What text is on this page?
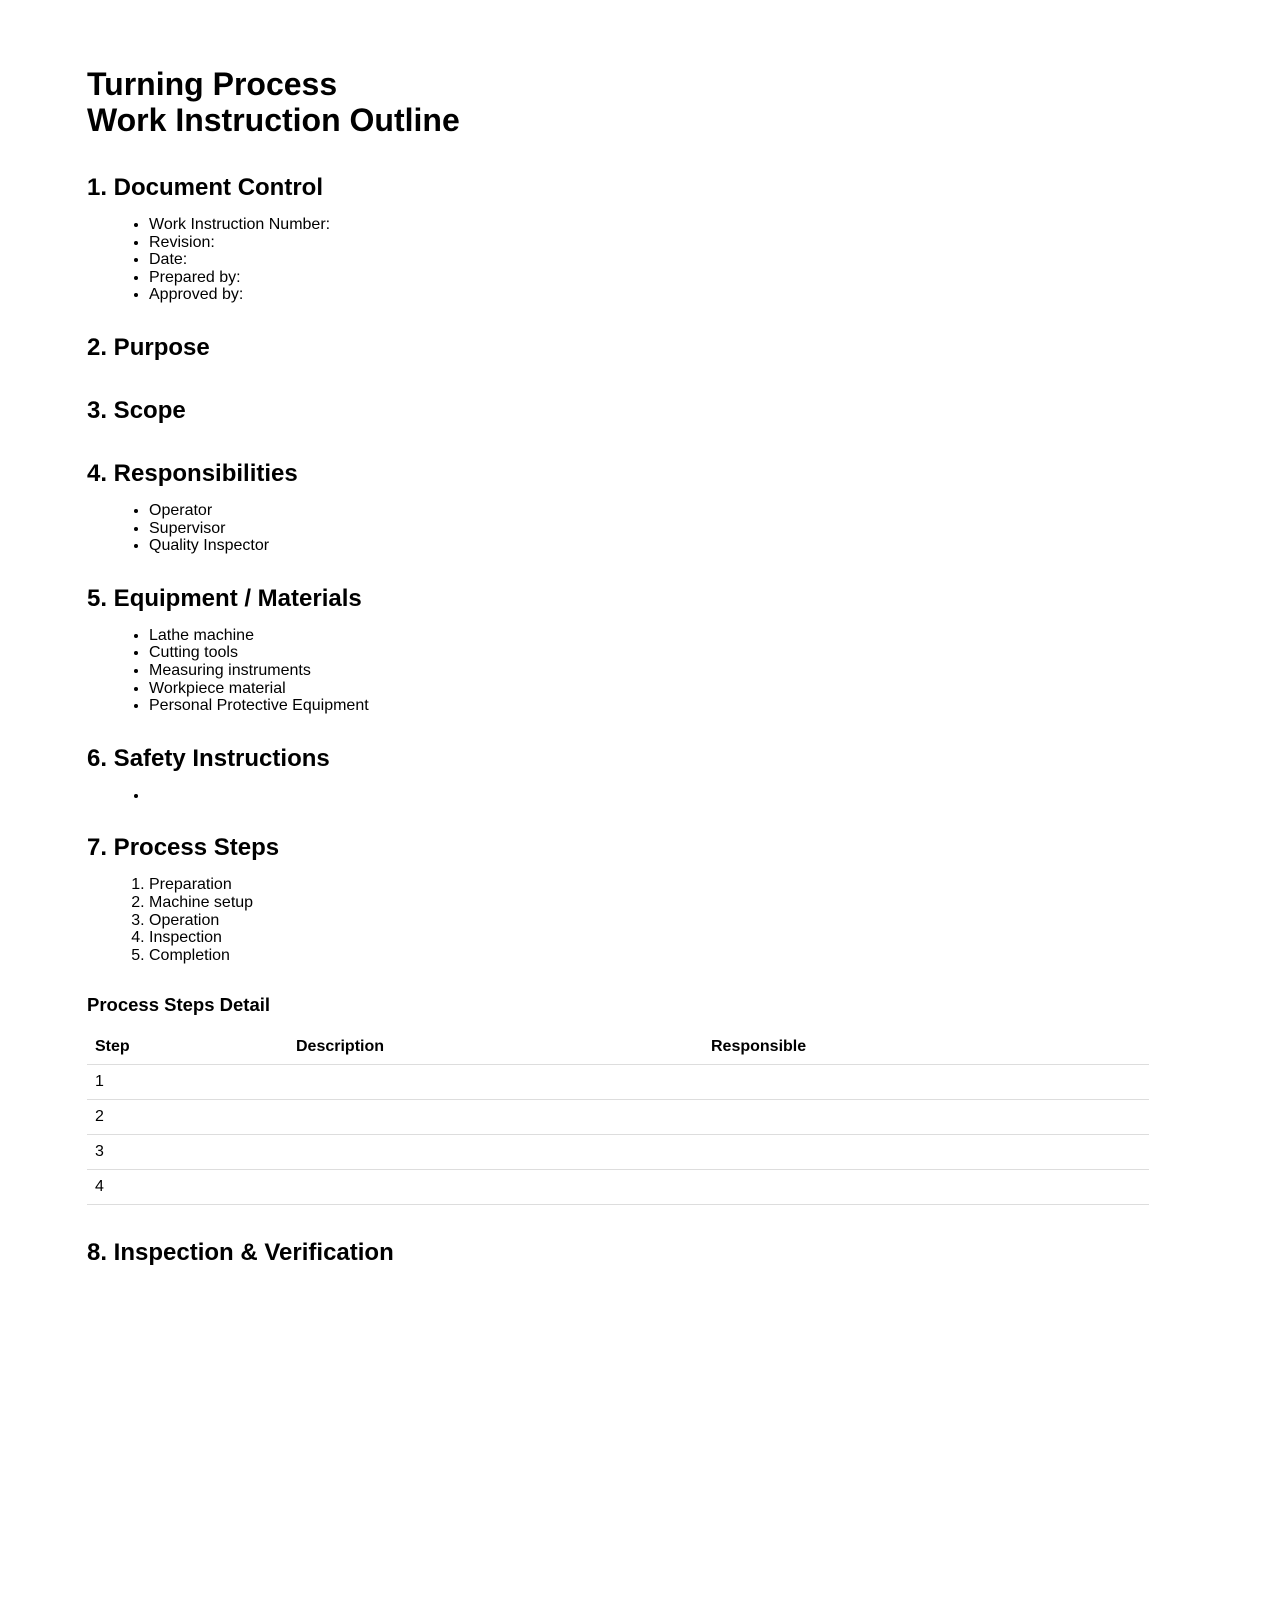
Turning Process
Work Instruction Outline
1. Document Control
• Work Instruction Number:
• Revision:
• Date:
• Prepared by:
• Approved by:
2. Purpose
3. Scope
4. Responsibilities
• Operator
• Supervisor
• Quality Inspector
5. Equipment / Materials
• Lathe machine
• Cutting tools
• Measuring instruments
• Workpiece material
• Personal Protective Equipment
6. Safety Instructions
•
7. Process Steps
1. Preparation
2. Machine setup
3. Operation
4. Inspection
5. Completion
Process Steps Detail
Step	Description	Responsible
1		
2		
3		
4		
8. Inspection & Verification
